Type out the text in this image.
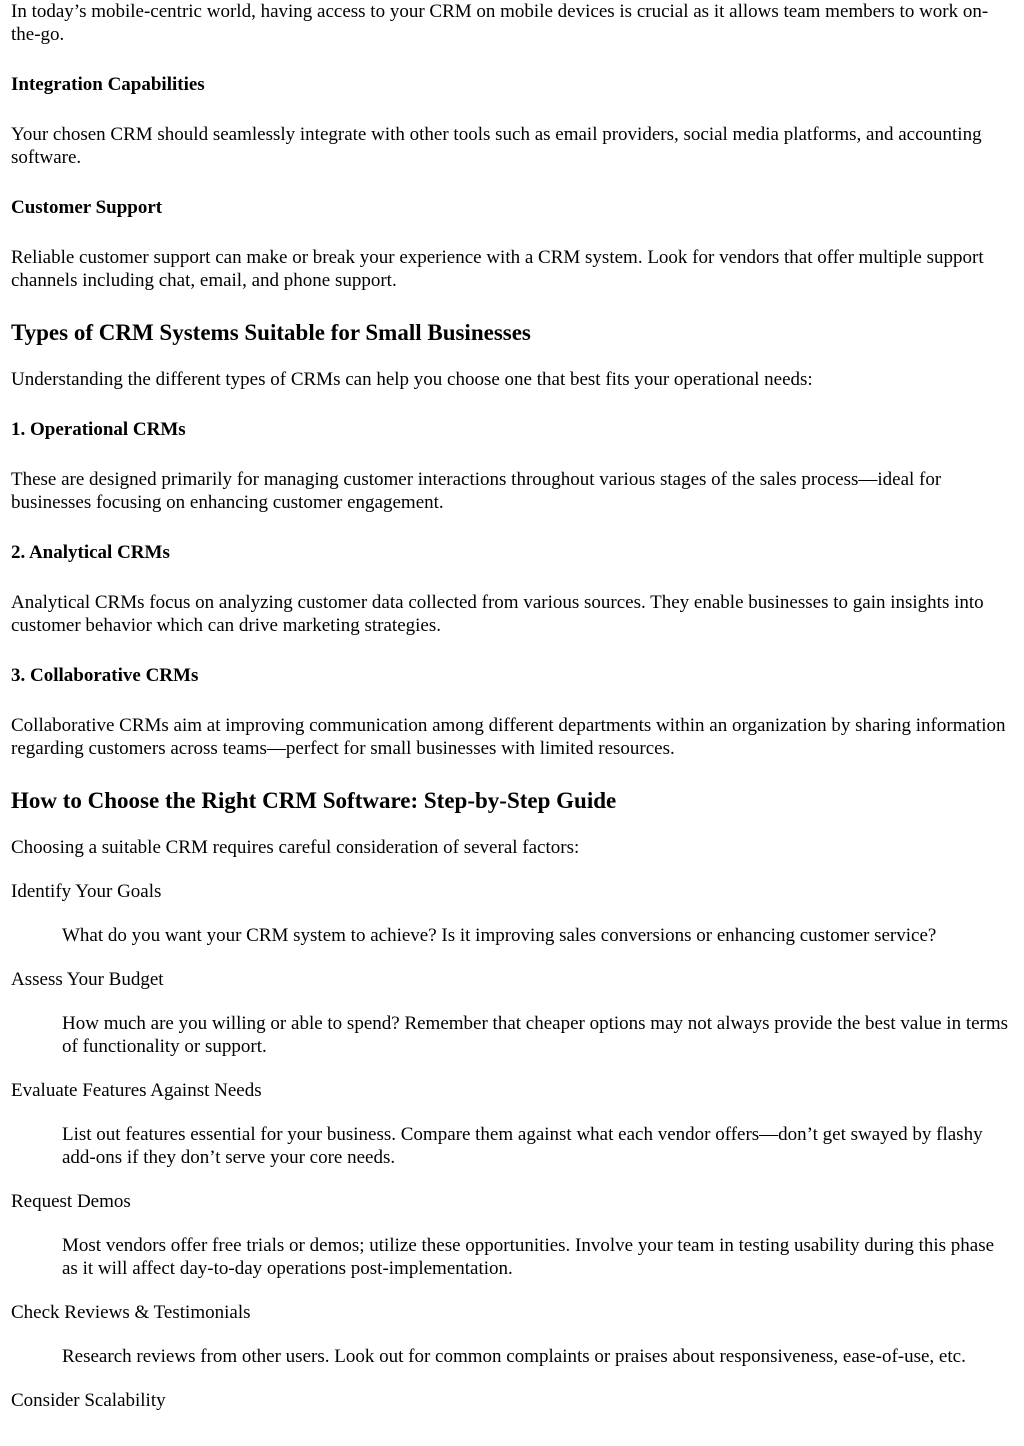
In today’s mobile-centric world, having access to your CRM on mobile devices is crucial as it allows team members to work on-the-go.

Integration Capabilities

Your chosen CRM should seamlessly integrate with other tools such as email providers, social media platforms, and accounting software.

Customer Support

Reliable customer support can make or break your experience with a CRM system. Look for vendors that offer multiple support channels including chat, email, and phone support.

Types of CRM Systems Suitable for Small Businesses

Understanding the different types of CRMs can help you choose one that best fits your operational needs:

1. Operational CRMs

These are designed primarily for managing customer interactions throughout various stages of the sales process—ideal for businesses focusing on enhancing customer engagement.

2. Analytical CRMs

Analytical CRMs focus on analyzing customer data collected from various sources. They enable businesses to gain insights into customer behavior which can drive marketing strategies.

3. Collaborative CRMs

Collaborative CRMs aim at improving communication among different departments within an organization by sharing information regarding customers across teams—perfect for small businesses with limited resources.

How to Choose the Right CRM Software: Step-by-Step Guide

Choosing a suitable CRM requires careful consideration of several factors:

Identify Your Goals
What do you want your CRM system to achieve? Is it improving sales conversions or enhancing customer service?
Assess Your Budget
How much are you willing or able to spend? Remember that cheaper options may not always provide the best value in terms of functionality or support.
Evaluate Features Against Needs
List out features essential for your business. Compare them against what each vendor offers—don’t get swayed by flashy add-ons if they don’t serve your core needs.
Request Demos
Most vendors offer free trials or demos; utilize these opportunities. Involve your team in testing usability during this phase as it will affect day-to-day operations post-implementation.
Check Reviews & Testimonials
Research reviews from other users. Look out for common complaints or praises about responsiveness, ease-of-use, etc.
Consider Scalability
